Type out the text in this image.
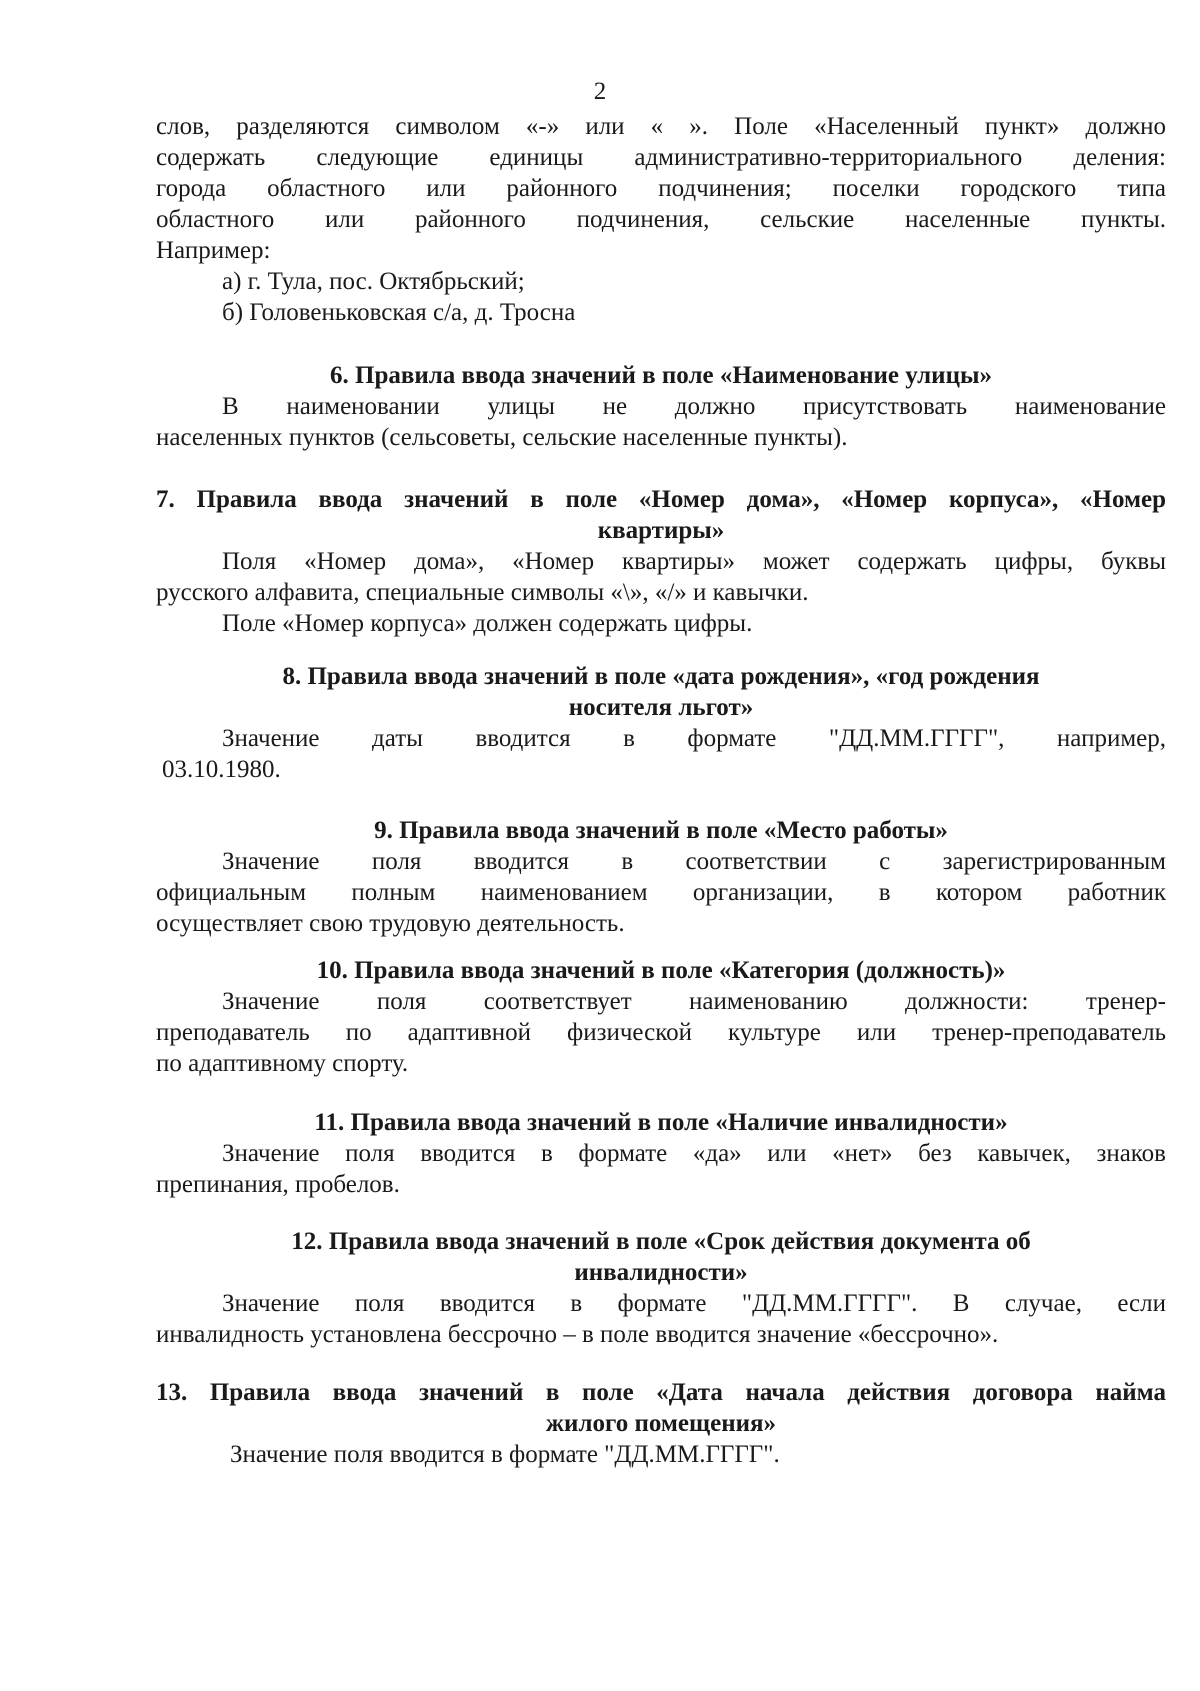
2
слов, разделяются символом «-» или « ». Поле «Населенный пункт» должно
содержать следующие единицы административно-территориального деления:
города областного или районного подчинения; поселки городского типа
областного или районного подчинения, сельские населенные пункты.
Например:
а) г. Тула, пос. Октябрьский;
б) Головеньковская с/а, д. Тросна
6. Правила ввода значений в поле «Наименование улицы»
В наименовании улицы не должно присутствовать наименование
населенных пунктов (сельсоветы, сельские населенные пункты).
7. Правила ввода значений в поле «Номер дома», «Номер корпуса», «Номер
квартиры»
Поля «Номер дома», «Номер квартиры» может содержать цифры, буквы
русского алфавита, специальные символы «\», «/» и кавычки.
Поле «Номер корпуса» должен содержать цифры.
8. Правила ввода значений в поле «дата рождения», «год рождения
носителя льгот»
Значение даты вводится в формате "ДД.ММ.ГГГГ", например,
03.10.1980.
9. Правила ввода значений в поле «Место работы»
Значение поля вводится в соответствии с зарегистрированным
официальным полным наименованием организации, в котором работник
осуществляет свою трудовую деятельность.
10. Правила ввода значений в поле «Категория (должность)»
Значение поля соответствует наименованию должности: тренер-
преподаватель по адаптивной физической культуре или тренер-преподаватель
по адаптивному спорту.
11. Правила ввода значений в поле «Наличие инвалидности»
Значение поля вводится в формате «да» или «нет» без кавычек, знаков
препинания, пробелов.
12. Правила ввода значений в поле «Срок действия документа об
инвалидности»
Значение поля вводится в формате "ДД.ММ.ГГГГ". В случае, если
инвалидность установлена бессрочно – в поле вводится значение «бессрочно».
13. Правила ввода значений в поле «Дата начала действия договора найма
жилого помещения»
Значение поля вводится в формате "ДД.ММ.ГГГГ".
